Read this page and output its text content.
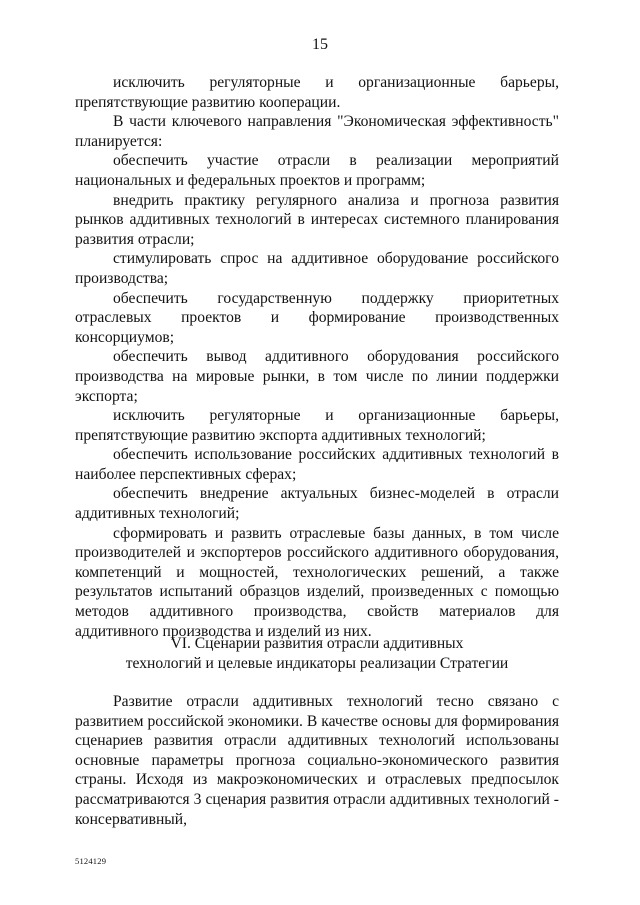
15

исключить регуляторные и организационные барьеры, препятствующие развитию кооперации.

В части ключевого направления "Экономическая эффективность" планируется:

обеспечить участие отрасли в реализации мероприятий национальных и федеральных проектов и программ;

внедрить практику регулярного анализа и прогноза развития рынков аддитивных технологий в интересах системного планирования развития отрасли;

стимулировать спрос на аддитивное оборудование российского производства;

обеспечить государственную поддержку приоритетных отраслевых проектов и формирование производственных консорциумов;

обеспечить вывод аддитивного оборудования российского производства на мировые рынки, в том числе по линии поддержки экспорта;

исключить регуляторные и организационные барьеры, препятствующие развитию экспорта аддитивных технологий;

обеспечить использование российских аддитивных технологий в наиболее перспективных сферах;

обеспечить внедрение актуальных бизнес-моделей в отрасли аддитивных технологий;

сформировать и развить отраслевые базы данных, в том числе производителей и экспортеров российского аддитивного оборудования, компетенций и мощностей, технологических решений, а также результатов испытаний образцов изделий, произведенных с помощью методов аддитивного производства, свойств материалов для аддитивного производства и изделий из них.

VI. Сценарии развития отрасли аддитивных
технологий и целевые индикаторы реализации Стратегии

Развитие отрасли аддитивных технологий тесно связано с развитием российской экономики. В качестве основы для формирования сценариев развития отрасли аддитивных технологий использованы основные параметры прогноза социально-экономического развития страны. Исходя из макроэкономических и отраслевых предпосылок рассматриваются 3 сценария развития отрасли аддитивных технологий - консервативный,

5124129
